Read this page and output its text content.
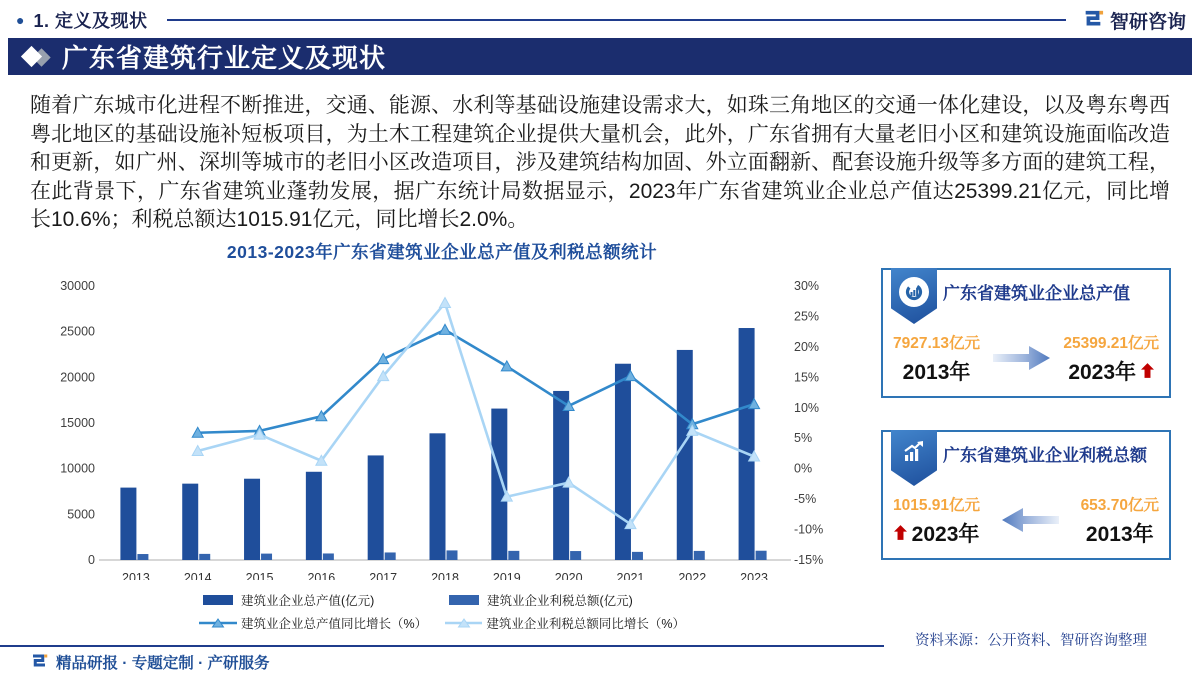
● 1. 定义及现状	智研咨询
广东省建筑行业定义及现状
随着广东城市化进程不断推进，交通、能源、水利等基础设施建设需求大，如珠三角地区的交通一体化建设，以及粤东粤西粤北地区的基础设施补短板项目，为土木工程建筑企业提供大量机会，此外，广东省拥有大量老旧小区和建筑设施面临改造和更新，如广州、深圳等城市的老旧小区改造项目，涉及建筑结构加固、外立面翻新、配套设施升级等多方面的建筑工程，在此背景下，广东省建筑业蓬勃发展，据广东统计局数据显示，2023年广东省建筑业企业总产值达25399.21亿元，同比增长10.6%；利税总额达1015.91亿元，同比增长2.0%。
2013-2023年广东省建筑业企业总产值及利税总额统计
0
5000
10000
15000
20000
25000
30000
-15%
-10%
-5%
0%
5%
10%
15%
20%
25%
30%
2013	2014	2015	2016	2017	2018	2019	2020	2021	2022	2023
建筑业企业总产值(亿元)	建筑业企业利税总额(亿元)
建筑业企业总产值同比增长（%）	建筑业企业利税总额同比增长（%）
广东省建筑业企业总产值
7927.13亿元
2013年
25399.21亿元
2023年
广东省建筑业企业利税总额
1015.91亿元
2023年
653.70亿元
2013年
资料来源：公开资料、智研咨询整理
精品研报 · 专题定制 · 产研服务
